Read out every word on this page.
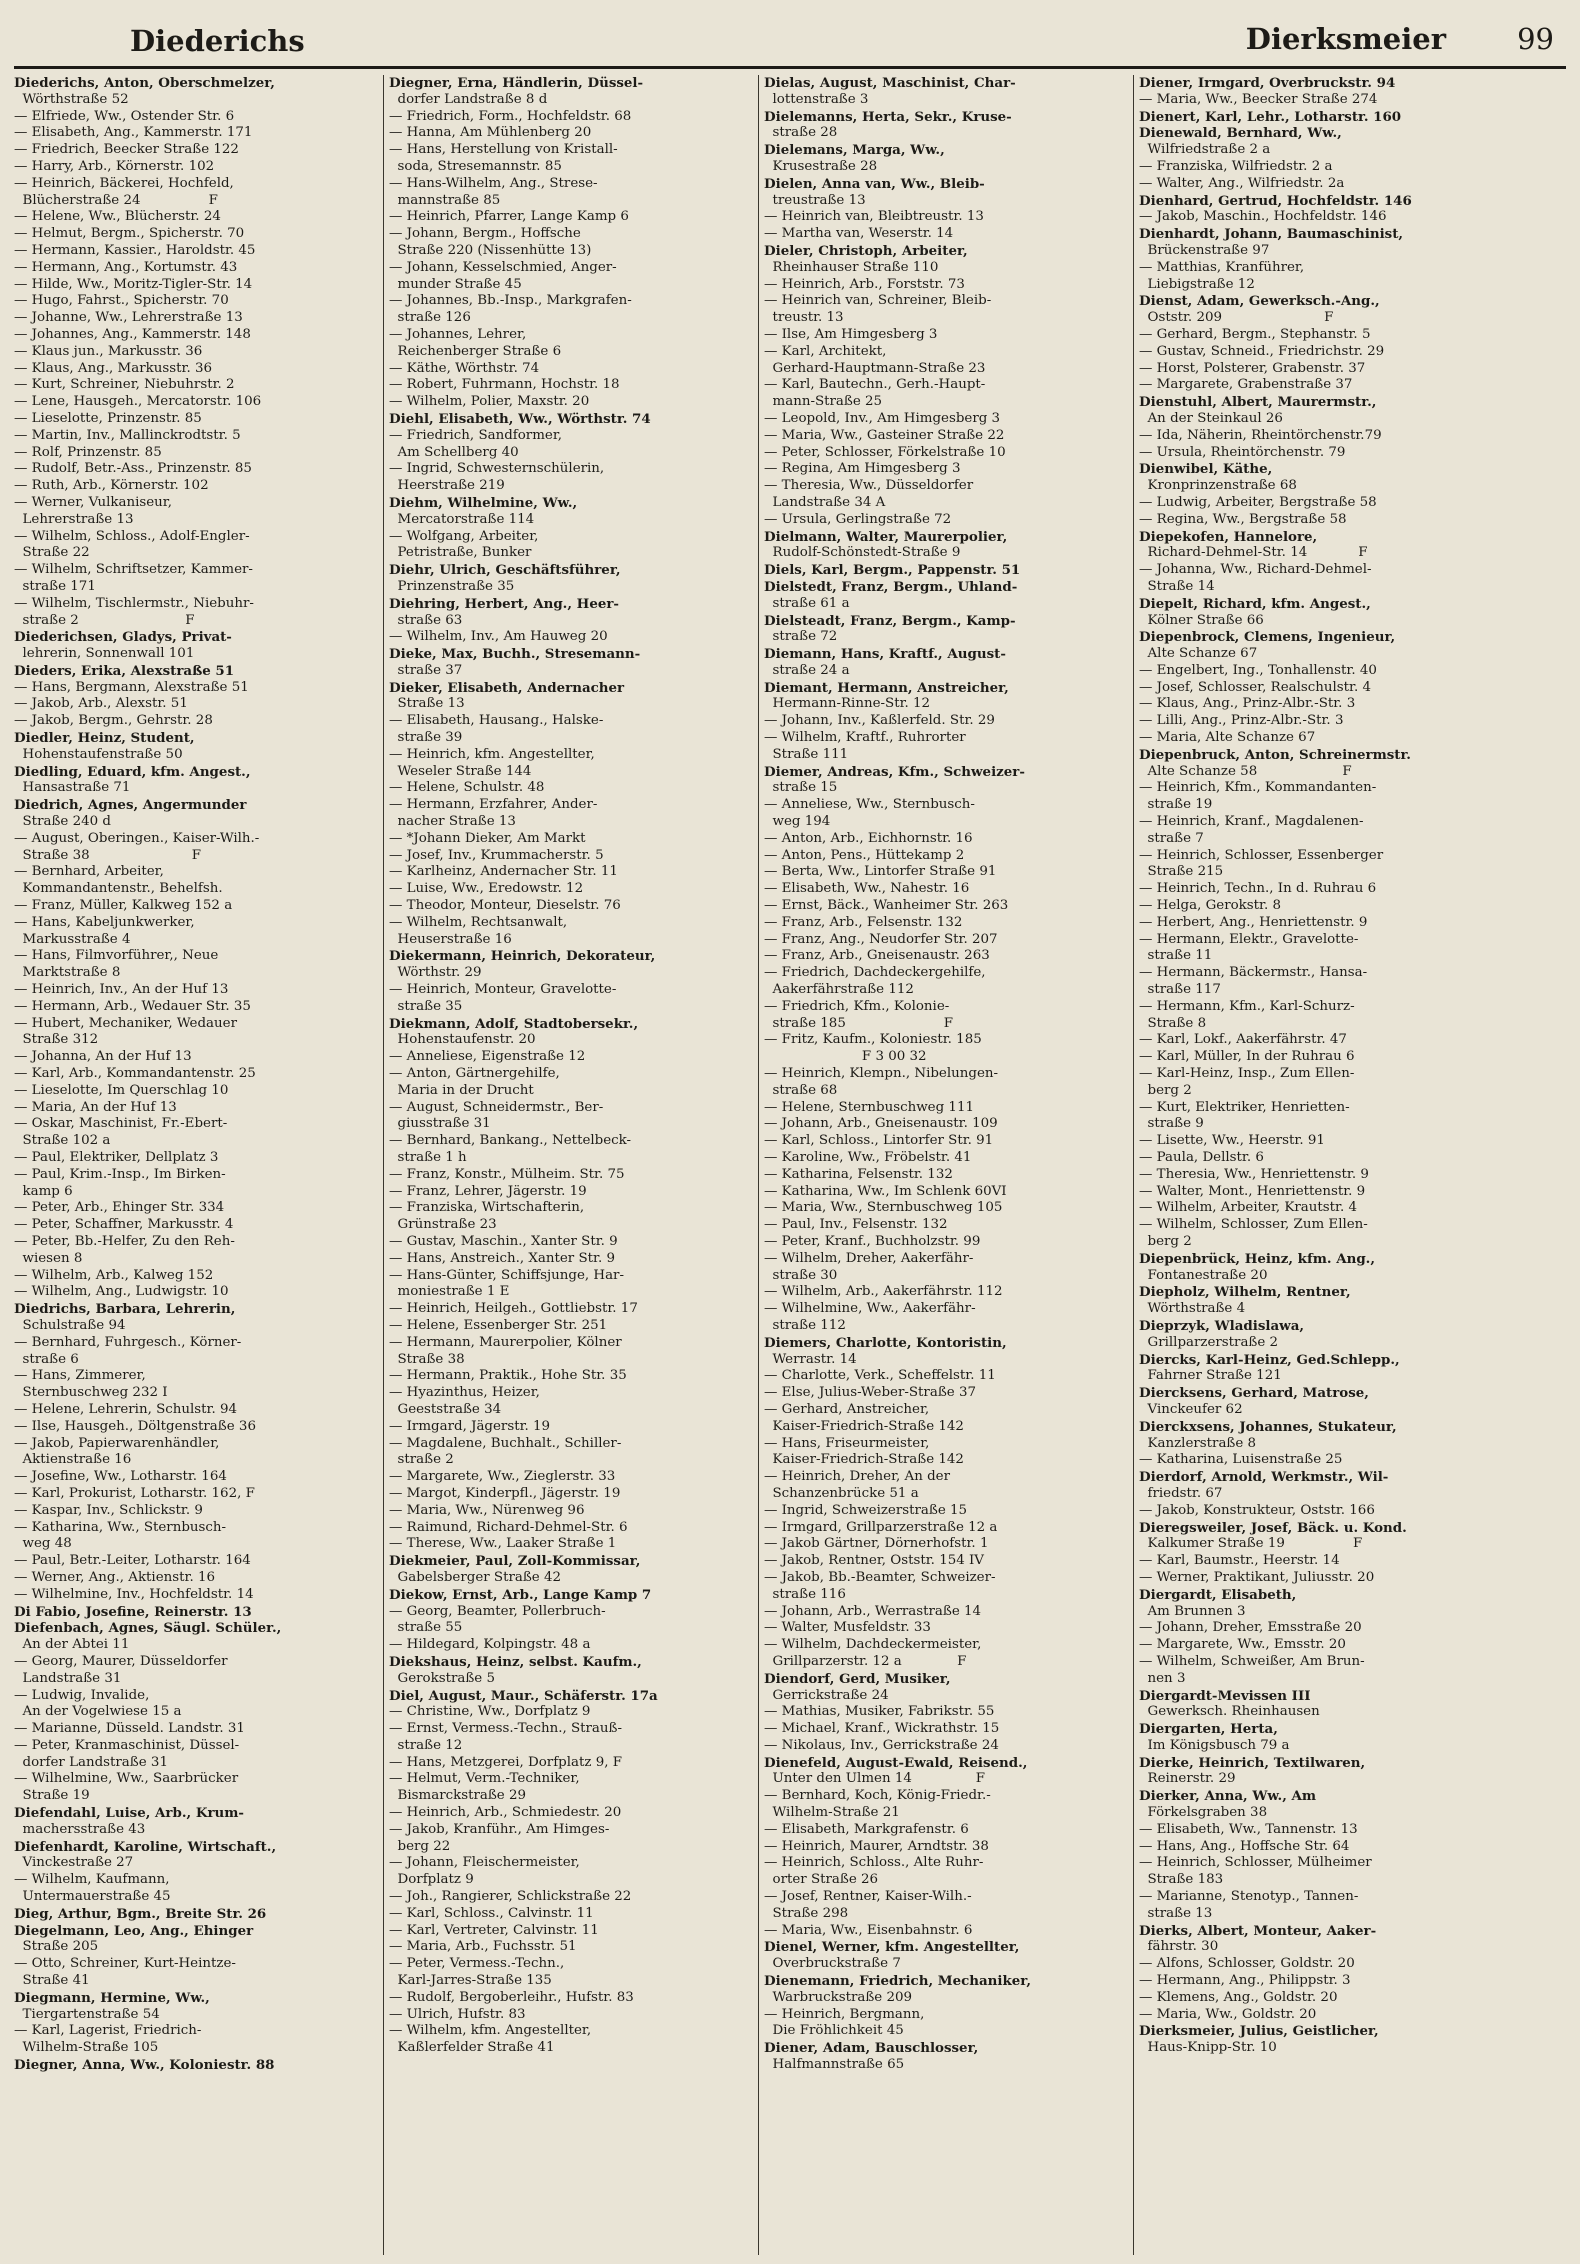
Diederichs	Dierksmeier 99
Diederichs, Anton, Oberschmelzer,
Wörthstraße 52
— Elfriede, Ww., Ostender Str. 6
— Elisabeth, Ang., Kammerstr. 171
— Friedrich, Beecker Straße 122
— Harry, Arb., Körnerstr. 102
— Heinrich, Bäckerei, Hochfeld,
Blücherstraße 24                F
— Helene, Ww., Blücherstr. 24
— Helmut, Bergm., Spicherstr. 70
— Hermann, Kassier., Haroldstr. 45
— Hermann, Ang., Kortumstr. 43
— Hilde, Ww., Moritz-Tigler-Str. 14
— Hugo, Fahrst., Spicherstr. 70
— Johanne, Ww., Lehrerstraße 13
— Johannes, Ang., Kammerstr. 148
— Klaus jun., Markusstr. 36
— Klaus, Ang., Markusstr. 36
— Kurt, Schreiner, Niebuhrstr. 2
— Lene, Hausgeh., Mercatorstr. 106
— Lieselotte, Prinzenstr. 85
— Martin, Inv., Mallinckrodtstr. 5
— Rolf, Prinzenstr. 85
— Rudolf, Betr.-Ass., Prinzenstr. 85
— Ruth, Arb., Körnerstr. 102
— Werner, Vulkaniseur,
Lehrerstraße 13
— Wilhelm, Schloss., Adolf-Engler-
Straße 22
— Wilhelm, Schriftsetzer, Kammer-
straße 171
— Wilhelm, Tischlermstr., Niebuhr-
straße 2                         F
Diederichsen, Gladys, Privat-
lehrerin, Sonnenwall 101
Dieders, Erika, Alexstraße 51
— Hans, Bergmann, Alexstraße 51
— Jakob, Arb., Alexstr. 51
— Jakob, Bergm., Gehrstr. 28
Diedler, Heinz, Student,
Hohenstaufenstraße 50
Diedling, Eduard, kfm. Angest.,
Hansastraße 71
Diedrich, Agnes, Angermunder
Straße 240 d
— August, Oberingen., Kaiser-Wilh.-
Straße 38                        F
— Bernhard, Arbeiter,
Kommandantenstr., Behelfsh.
— Franz, Müller, Kalkweg 152 a
— Hans, Kabeljunkwerker,
Markusstraße 4
— Hans, Filmvorführer,, Neue
Marktstraße 8
— Heinrich, Inv., An der Huf 13
— Hermann, Arb., Wedauer Str. 35
— Hubert, Mechaniker, Wedauer
Straße 312
— Johanna, An der Huf 13
— Karl, Arb., Kommandantenstr. 25
— Lieselotte, Im Querschlag 10
— Maria, An der Huf 13
— Oskar, Maschinist, Fr.-Ebert-
Straße 102 a
— Paul, Elektriker, Dellplatz 3
— Paul, Krim.-Insp., Im Birken-
kamp 6
— Peter, Arb., Ehinger Str. 334
— Peter, Schaffner, Markusstr. 4
— Peter, Bb.-Helfer, Zu den Reh-
wiesen 8
— Wilhelm, Arb., Kalweg 152
— Wilhelm, Ang., Ludwigstr. 10
Diedrichs, Barbara, Lehrerin,
Schulstraße 94
— Bernhard, Fuhrgesch., Körner-
straße 6
— Hans, Zimmerer,
Sternbuschweg 232 I
— Helene, Lehrerin, Schulstr. 94
— Ilse, Hausgeh., Döltgenstraße 36
— Jakob, Papierwarenhändler,
Aktienstraße 16
— Josefine, Ww., Lotharstr. 164
— Karl, Prokurist, Lotharstr. 162, F
— Kaspar, Inv., Schlickstr. 9
— Katharina, Ww., Sternbusch-
weg 48
— Paul, Betr.-Leiter, Lotharstr. 164
— Werner, Ang., Aktienstr. 16
— Wilhelmine, Inv., Hochfeldstr. 14
Di Fabio, Josefine, Reinerstr. 13
Diefenbach, Agnes, Säugl. Schüler.,
An der Abtei 11
— Georg, Maurer, Düsseldorfer
Landstraße 31
— Ludwig, Invalide,
An der Vogelwiese 15 a
— Marianne, Düsseld. Landstr. 31
— Peter, Kranmaschinist, Düssel-
dorfer Landstraße 31
— Wilhelmine, Ww., Saarbrücker
Straße 19
Diefendahl, Luise, Arb., Krum-
machersstraße 43
Diefenhardt, Karoline, Wirtschaft.,
Vinckestraße 27
— Wilhelm, Kaufmann,
Untermauerstraße 45
Dieg, Arthur, Bgm., Breite Str. 26
Diegelmann, Leo, Ang., Ehinger
Straße 205
— Otto, Schreiner, Kurt-Heintze-
Straße 41
Diegmann, Hermine, Ww.,
Tiergartenstraße 54
— Karl, Lagerist, Friedrich-
Wilhelm-Straße 105
Diegner, Anna, Ww., Koloniestr. 88
Diegner, Erna, Händlerin, Düssel-
dorfer Landstraße 8 d
— Friedrich, Form., Hochfeldstr. 68
— Hanna, Am Mühlenberg 20
— Hans, Herstellung von Kristall-
soda, Stresemannstr. 85
— Hans-Wilhelm, Ang., Strese-
mannstraße 85
— Heinrich, Pfarrer, Lange Kamp 6
— Johann, Bergm., Hoffsche
Straße 220 (Nissenhütte 13)
— Johann, Kesselschmied, Anger-
munder Straße 45
— Johannes, Bb.-Insp., Markgrafen-
straße 126
— Johannes, Lehrer,
Reichenberger Straße 6
— Käthe, Wörthstr. 74
— Robert, Fuhrmann, Hochstr. 18
— Wilhelm, Polier, Maxstr. 20
Diehl, Elisabeth, Ww., Wörthstr. 74
— Friedrich, Sandformer,
Am Schellberg 40
— Ingrid, Schwesternschülerin,
Heerstraße 219
Diehm, Wilhelmine, Ww.,
Mercatorstraße 114
— Wolfgang, Arbeiter,
Petristraße, Bunker
Diehr, Ulrich, Geschäftsführer,
Prinzenstraße 35
Diehring, Herbert, Ang., Heer-
straße 63
— Wilhelm, Inv., Am Hauweg 20
Dieke, Max, Buchh., Stresemann-
straße 37
Dieker, Elisabeth, Andernacher
Straße 13
— Elisabeth, Hausang., Halske-
straße 39
— Heinrich, kfm. Angestellter,
Weseler Straße 144
— Helene, Schulstr. 48
— Hermann, Erzfahrer, Ander-
nacher Straße 13
— *Johann Dieker, Am Markt
— Josef, Inv., Krummacherstr. 5
— Karlheinz, Andernacher Str. 11
— Luise, Ww., Eredowstr. 12
— Theodor, Monteur, Dieselstr. 76
— Wilhelm, Rechtsanwalt,
Heuserstraße 16
Diekermann, Heinrich, Dekorateur,
Wörthstr. 29
— Heinrich, Monteur, Gravelotte-
straße 35
Diekmann, Adolf, Stadtobersekr.,
Hohenstaufenstr. 20
— Anneliese, Eigenstraße 12
— Anton, Gärtnergehilfe,
Maria in der Drucht
— August, Schneidermstr., Ber-
giusstraße 31
— Bernhard, Bankang., Nettelbeck-
straße 1 h
— Franz, Konstr., Mülheim. Str. 75
— Franz, Lehrer, Jägerstr. 19
— Franziska, Wirtschafterin,
Grünstraße 23
— Gustav, Maschin., Xanter Str. 9
— Hans, Anstreich., Xanter Str. 9
— Hans-Günter, Schiffsjunge, Har-
moniestraße 1 E
— Heinrich, Heilgeh., Gottliebstr. 17
— Helene, Essenberger Str. 251
— Hermann, Maurerpolier, Kölner
Straße 38
— Hermann, Praktik., Hohe Str. 35
— Hyazinthus, Heizer,
Geeststraße 34
— Irmgard, Jägerstr. 19
— Magdalene, Buchhalt., Schiller-
straße 2
— Margarete, Ww., Zieglerstr. 33
— Margot, Kinderpfl., Jägerstr. 19
— Maria, Ww., Nürenweg 96
— Raimund, Richard-Dehmel-Str. 6
— Therese, Ww., Laaker Straße 1
Diekmeier, Paul, Zoll-Kommissar,
Gabelsberger Straße 42
Diekow, Ernst, Arb., Lange Kamp 7
— Georg, Beamter, Pollerbruch-
straße 55
— Hildegard, Kolpingstr. 48 a
Diekshaus, Heinz, selbst. Kaufm.,
Gerokstraße 5
Diel, August, Maur., Schäferstr. 17a
— Christine, Ww., Dorfplatz 9
— Ernst, Vermess.-Techn., Strauß-
straße 12
— Hans, Metzgerei, Dorfplatz 9, F
— Helmut, Verm.-Techniker,
Bismarckstraße 29
— Heinrich, Arb., Schmiedestr. 20
— Jakob, Kranführ., Am Himges-
berg 22
— Johann, Fleischermeister,
Dorfplatz 9
— Joh., Rangierer, Schlickstraße 22
— Karl, Schloss., Calvinstr. 11
— Karl, Vertreter, Calvinstr. 11
— Maria, Arb., Fuchsstr. 51
— Peter, Vermess.-Techn.,
Karl-Jarres-Straße 135
— Rudolf, Bergoberleihr., Hufstr. 83
— Ulrich, Hufstr. 83
— Wilhelm, kfm. Angestellter,
Kaßlerfelder Straße 41
Dielas, August, Maschinist, Char-
lottenstraße 3
Dielemanns, Herta, Sekr., Kruse-
straße 28
Dielemans, Marga, Ww.,
Krusestraße 28
Dielen, Anna van, Ww., Bleib-
treustraße 13
— Heinrich van, Bleibtreustr. 13
— Martha van, Weserstr. 14
Dieler, Christoph, Arbeiter,
Rheinhauser Straße 110
— Heinrich, Arb., Forststr. 73
— Heinrich van, Schreiner, Bleib-
treustr. 13
— Ilse, Am Himgesberg 3
— Karl, Architekt,
Gerhard-Hauptmann-Straße 23
— Karl, Bautechn., Gerh.-Haupt-
mann-Straße 25
— Leopold, Inv., Am Himgesberg 3
— Maria, Ww., Gasteiner Straße 22
— Peter, Schlosser, Förkelstraße 10
— Regina, Am Himgesberg 3
— Theresia, Ww., Düsseldorfer
Landstraße 34 A
— Ursula, Gerlingstraße 72
Dielmann, Walter, Maurerpolier,
Rudolf-Schönstedt-Straße 9
Diels, Karl, Bergm., Pappenstr. 51
Dielstedt, Franz, Bergm., Uhland-
straße 61 a
Dielsteadt, Franz, Bergm., Kamp-
straße 72
Diemann, Hans, Kraftf., August-
straße 24 a
Diemant, Hermann, Anstreicher,
Hermann-Rinne-Str. 12
— Johann, Inv., Kaßlerfeld. Str. 29
— Wilhelm, Kraftf., Ruhrorter
Straße 111
Diemer, Andreas, Kfm., Schweizer-
straße 15
— Anneliese, Ww., Sternbusch-
weg 194
— Anton, Arb., Eichhornstr. 16
— Anton, Pens., Hüttekamp 2
— Berta, Ww., Lintorfer Straße 91
— Elisabeth, Ww., Nahestr. 16
— Ernst, Bäck., Wanheimer Str. 263
— Franz, Arb., Felsenstr. 132
— Franz, Ang., Neudorfer Str. 207
— Franz, Arb., Gneisenaustr. 263
— Friedrich, Dachdeckergehilfe,
Aakerfährstraße 112
— Friedrich, Kfm., Kolonie-
straße 185                       F
— Fritz, Kaufm., Koloniestr. 185
F 3 00 32
— Heinrich, Klempn., Nibelungen-
straße 68
— Helene, Sternbuschweg 111
— Johann, Arb., Gneisenaustr. 109
— Karl, Schloss., Lintorfer Str. 91
— Karoline, Ww., Fröbelstr. 41
— Katharina, Felsenstr. 132
— Katharina, Ww., Im Schlenk 60VI
— Maria, Ww., Sternbuschweg 105
— Paul, Inv., Felsenstr. 132
— Peter, Kranf., Buchholzstr. 99
— Wilhelm, Dreher, Aakerfähr-
straße 30
— Wilhelm, Arb., Aakerfährstr. 112
— Wilhelmine, Ww., Aakerfähr-
straße 112
Diemers, Charlotte, Kontoristin,
Werrastr. 14
— Charlotte, Verk., Scheffelstr. 11
— Else, Julius-Weber-Straße 37
— Gerhard, Anstreicher,
Kaiser-Friedrich-Straße 142
— Hans, Friseurmeister,
Kaiser-Friedrich-Straße 142
— Heinrich, Dreher, An der
Schanzenbrücke 51 a
— Ingrid, Schweizerstraße 15
— Irmgard, Grillparzerstraße 12 a
— Jakob Gärtner, Dörnerhofstr. 1
— Jakob, Rentner, Oststr. 154 IV
— Jakob, Bb.-Beamter, Schweizer-
straße 116
— Johann, Arb., Werrastraße 14
— Walter, Musfeldstr. 33
— Wilhelm, Dachdeckermeister,
Grillparzerstr. 12 a             F
Diendorf, Gerd, Musiker,
Gerrickstraße 24
— Mathias, Musiker, Fabrikstr. 55
— Michael, Kranf., Wickrathstr. 15
— Nikolaus, Inv., Gerrickstraße 24
Dienefeld, August-Ewald, Reisend.,
Unter den Ulmen 14               F
— Bernhard, Koch, König-Friedr.-
Wilhelm-Straße 21
— Elisabeth, Markgrafenstr. 6
— Heinrich, Maurer, Arndtstr. 38
— Heinrich, Schloss., Alte Ruhr-
orter Straße 26
— Josef, Rentner, Kaiser-Wilh.-
Straße 298
— Maria, Ww., Eisenbahnstr. 6
Dienel, Werner, kfm. Angestellter,
Overbruckstraße 7
Dienemann, Friedrich, Mechaniker,
Warbruckstraße 209
— Heinrich, Bergmann,
Die Fröhlichkeit 45
Diener, Adam, Bauschlosser,
Halfmannstraße 65
Diener, Irmgard, Overbruckstr. 94
— Maria, Ww., Beecker Straße 274
Dienert, Karl, Lehr., Lotharstr. 160
Dienewald, Bernhard, Ww.,
Wilfriedstraße 2 a
— Franziska, Wilfriedstr. 2 a
— Walter, Ang., Wilfriedstr. 2a
Dienhard, Gertrud, Hochfeldstr. 146
— Jakob, Maschin., Hochfeldstr. 146
Dienhardt, Johann, Baumaschinist,
Brückenstraße 97
— Matthias, Kranführer,
Liebigstraße 12
Dienst, Adam, Gewerksch.-Ang.,
Oststr. 209                        F
— Gerhard, Bergm., Stephanstr. 5
— Gustav, Schneid., Friedrichstr. 29
— Horst, Polsterer, Grabenstr. 37
— Margarete, Grabenstraße 37
Dienstuhl, Albert, Maurermstr.,
An der Steinkaul 26
— Ida, Näherin, Rheintörchenstr.79
— Ursula, Rheintörchenstr. 79
Dienwibel, Käthe,
Kronprinzenstraße 68
— Ludwig, Arbeiter, Bergstraße 58
— Regina, Ww., Bergstraße 58
Diepekofen, Hannelore,
Richard-Dehmel-Str. 14            F
— Johanna, Ww., Richard-Dehmel-
Straße 14
Diepelt, Richard, kfm. Angest.,
Kölner Straße 66
Diepenbrock, Clemens, Ingenieur,
Alte Schanze 67
— Engelbert, Ing., Tonhallenstr. 40
— Josef, Schlosser, Realschulstr. 4
— Klaus, Ang., Prinz-Albr.-Str. 3
— Lilli, Ang., Prinz-Albr.-Str. 3
— Maria, Alte Schanze 67
Diepenbruck, Anton, Schreinermstr.
Alte Schanze 58                    F
— Heinrich, Kfm., Kommandanten-
straße 19
— Heinrich, Kranf., Magdalenen-
straße 7
— Heinrich, Schlosser, Essenberger
Straße 215
— Heinrich, Techn., In d. Ruhrau 6
— Helga, Gerokstr. 8
— Herbert, Ang., Henriettenstr. 9
— Hermann, Elektr., Gravelotte-
straße 11
— Hermann, Bäckermstr., Hansa-
straße 117
— Hermann, Kfm., Karl-Schurz-
Straße 8
— Karl, Lokf., Aakerfährstr. 47
— Karl, Müller, In der Ruhrau 6
— Karl-Heinz, Insp., Zum Ellen-
berg 2
— Kurt, Elektriker, Henrietten-
straße 9
— Lisette, Ww., Heerstr. 91
— Paula, Dellstr. 6
— Theresia, Ww., Henriettenstr. 9
— Walter, Mont., Henriettenstr. 9
— Wilhelm, Arbeiter, Krautstr. 4
— Wilhelm, Schlosser, Zum Ellen-
berg 2
Diepenbrück, Heinz, kfm. Ang.,
Fontanestraße 20
Diepholz, Wilhelm, Rentner,
Wörthstraße 4
Dieprzyk, Wladislawa,
Grillparzerstraße 2
Diercks, Karl-Heinz, Ged.Schlepp.,
Fahrner Straße 121
Diercksens, Gerhard, Matrose,
Vinckeufer 62
Dierckxsens, Johannes, Stukateur,
Kanzlerstraße 8
— Katharina, Luisenstraße 25
Dierdorf, Arnold, Werkmstr., Wil-
friedstr. 67
— Jakob, Konstrukteur, Oststr. 166
Dieregsweiler, Josef, Bäck. u. Kond.
Kalkumer Straße 19                F
— Karl, Baumstr., Heerstr. 14
— Werner, Praktikant, Juliusstr. 20
Diergardt, Elisabeth,
Am Brunnen 3
— Johann, Dreher, Emsstraße 20
— Margarete, Ww., Emsstr. 20
— Wilhelm, Schweißer, Am Brun-
nen 3
Diergardt-Mevissen III
Gewerksch. Rheinhausen
Diergarten, Herta,
Im Königsbusch 79 a
Dierke, Heinrich, Textilwaren,
Reinerstr. 29
Dierker, Anna, Ww., Am
Förkelsgraben 38
— Elisabeth, Ww., Tannenstr. 13
— Hans, Ang., Hoffsche Str. 64
— Heinrich, Schlosser, Mülheimer
Straße 183
— Marianne, Stenotyp., Tannen-
straße 13
Dierks, Albert, Monteur, Aaker-
fährstr. 30
— Alfons, Schlosser, Goldstr. 20
— Hermann, Ang., Philippstr. 3
— Klemens, Ang., Goldstr. 20
— Maria, Ww., Goldstr. 20
Dierksmeier, Julius, Geistlicher,
Haus-Knipp-Str. 10
